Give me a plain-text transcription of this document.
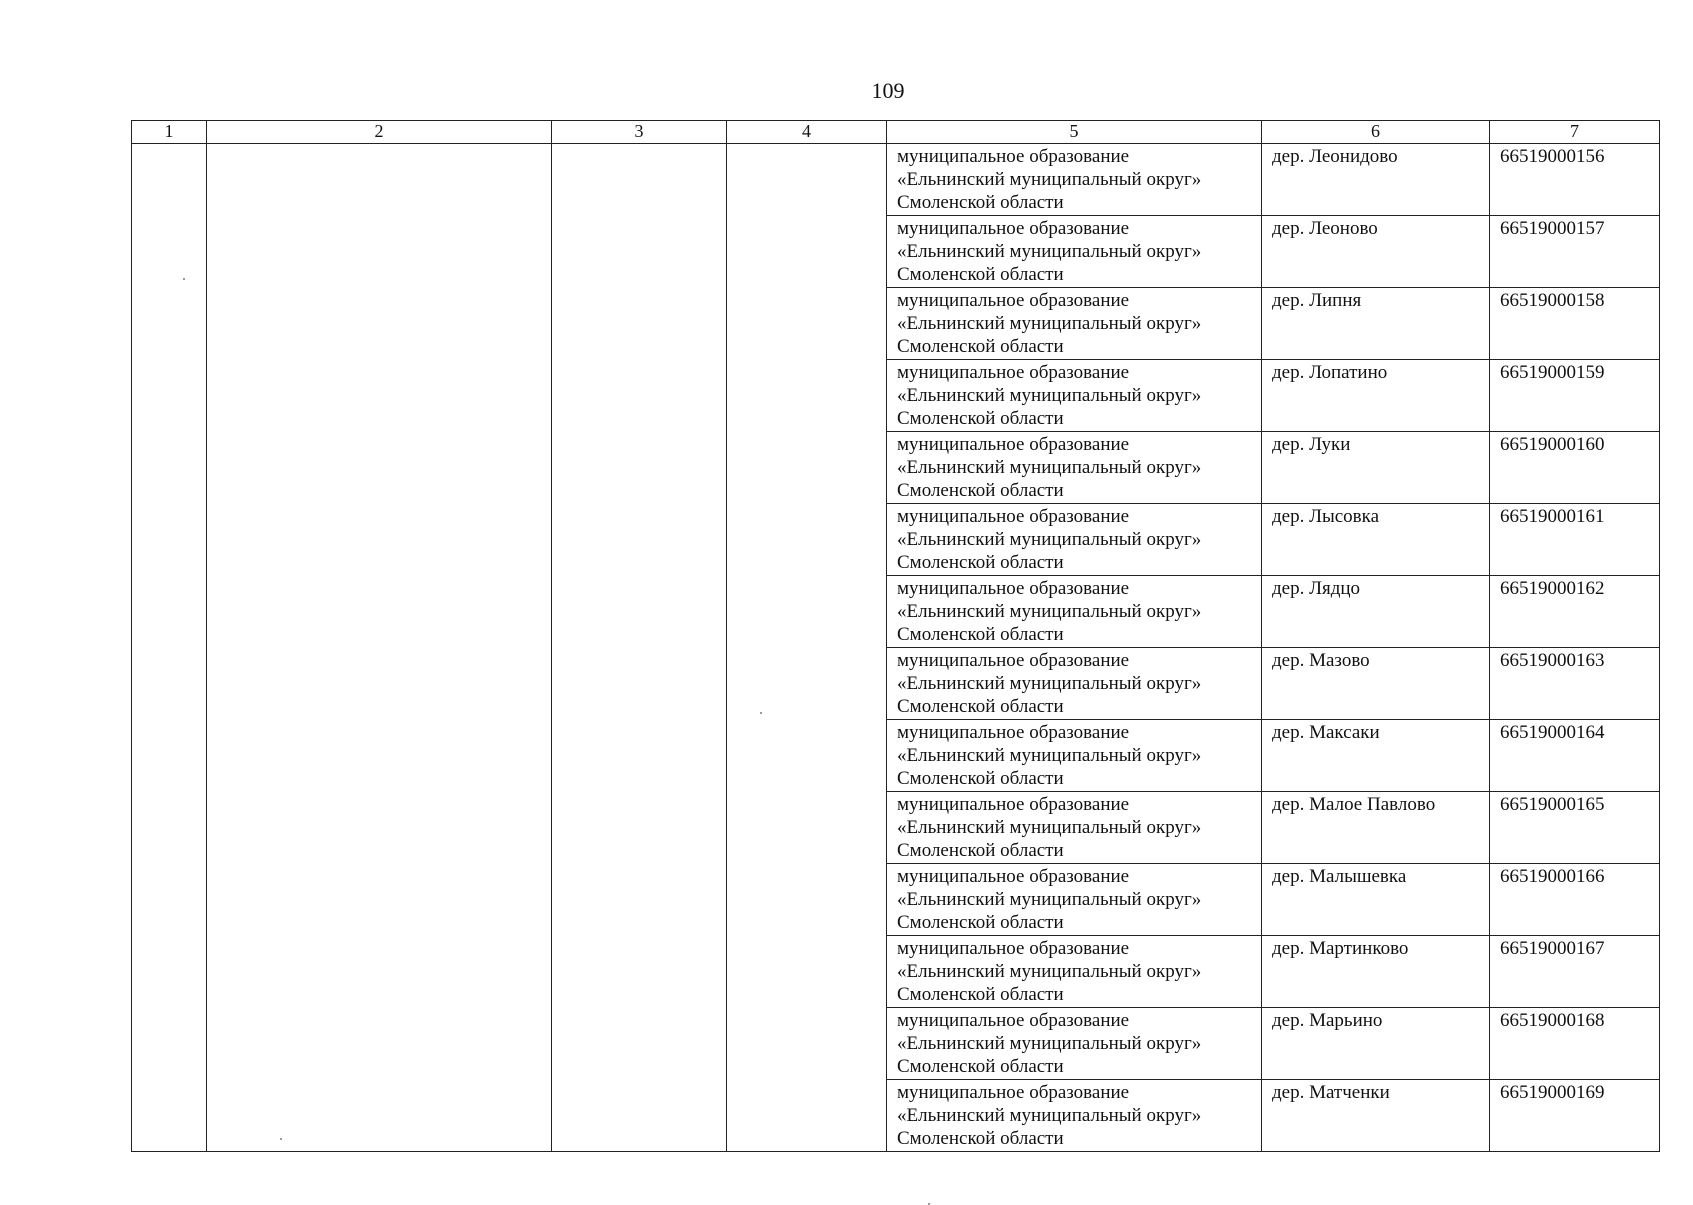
109
1	2	3	4	5	6	7

				муниципальное образование
«Ельнинский муниципальный округ»
Смоленской области	дер. Леонидово	66519000156

				муниципальное образование
«Ельнинский муниципальный округ»
Смоленской области	дер. Леоново	66519000157

				муниципальное образование
«Ельнинский муниципальный округ»
Смоленской области	дер. Липня	66519000158

				муниципальное образование
«Ельнинский муниципальный округ»
Смоленской области	дер. Лопатино	66519000159

				муниципальное образование
«Ельнинский муниципальный округ»
Смоленской области	дер. Луки	66519000160

				муниципальное образование
«Ельнинский муниципальный округ»
Смоленской области	дер. Лысовка	66519000161

				муниципальное образование
«Ельнинский муниципальный округ»
Смоленской области	дер. Лядцо	66519000162

				муниципальное образование
«Ельнинский муниципальный округ»
Смоленской области	дер. Мазово	66519000163

				муниципальное образование
«Ельнинский муниципальный округ»
Смоленской области	дер. Максаки	66519000164

				муниципальное образование
«Ельнинский муниципальный округ»
Смоленской области	дер. Малое Павлово	66519000165

				муниципальное образование
«Ельнинский муниципальный округ»
Смоленской области	дер. Малышевка	66519000166

				муниципальное образование
«Ельнинский муниципальный округ»
Смоленской области	дер. Мартинково	66519000167

				муниципальное образование
«Ельнинский муниципальный округ»
Смоленской области	дер. Марьино	66519000168

				муниципальное образование
«Ельнинский муниципальный округ»
Смоленской области	дер. Матченки	66519000169
